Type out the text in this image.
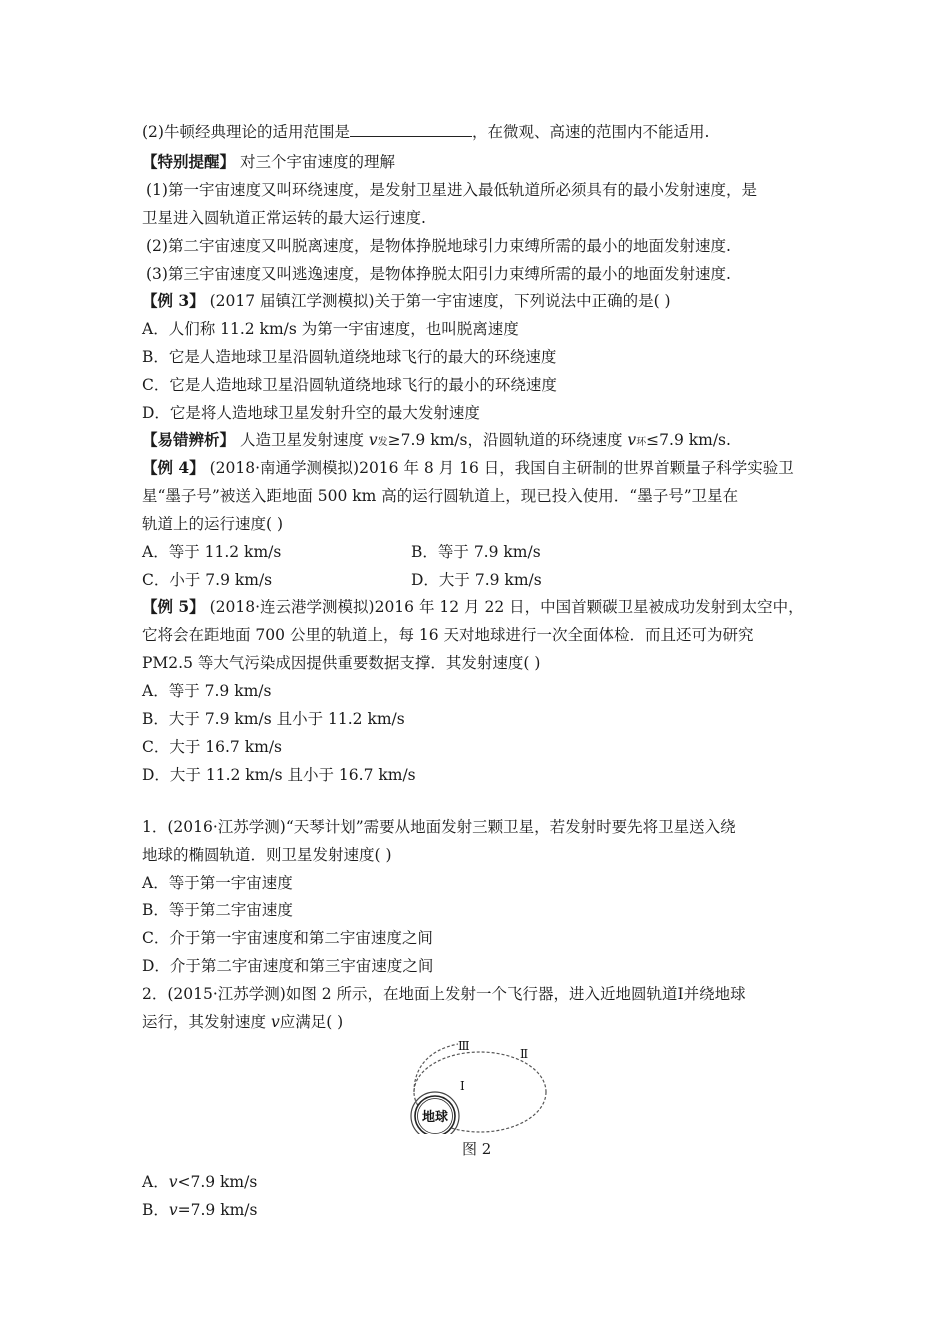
(2)牛顿经典理论的适用范围是	，在微观、高速的范围内不能适用.
【特别提醒】 对三个宇宙速度的理解
(1)第一宇宙速度又叫环绕速度，是发射卫星进入最低轨道所必须具有的最小发射速度，是
卫星进入圆轨道正常运转的最大运行速度.
(2)第二宇宙速度又叫脱离速度，是物体挣脱地球引力束缚所需的最小的地面发射速度.
(3)第三宇宙速度又叫逃逸速度，是物体挣脱太阳引力束缚所需的最小的地面发射速度.
【例 3】 (2017 届镇江学测模拟)关于第一宇宙速度，下列说法中正确的是( )
A．人们称 11.2 km/s 为第一宇宙速度，也叫脱离速度
B．它是人造地球卫星沿圆轨道绕地球飞行的最大的环绕速度
C．它是人造地球卫星沿圆轨道绕地球飞行的最小的环绕速度
D．它是将人造地球卫星发射升空的最大发射速度
【易错辨析】 人造卫星发射速度 v发≥7.9 km/s，沿圆轨道的环绕速度 v环≤7.9 km/s.
【例 4】 (2018·南通学测模拟)2016 年 8 月 16 日，我国自主研制的世界首颗量子科学实验卫
星“墨子号”被送入距地面 500 km 高的运行圆轨道上，现已投入使用．“墨子号”卫星在
轨道上的运行速度( )
A．等于 11.2 km/s	B．等于 7.9 km/s
C．小于 7.9 km/s	D．大于 7.9 km/s
【例 5】 (2018·连云港学测模拟)2016 年 12 月 22 日，中国首颗碳卫星被成功发射到太空中，
它将会在距地面 700 公里的轨道上，每 16 天对地球进行一次全面体检．而且还可为研究
PM2.5 等大气污染成因提供重要数据支撑．其发射速度( )
A．等于 7.9 km/s
B．大于 7.9 km/s 且小于 11.2 km/s
C．大于 16.7 km/s
D．大于 11.2 km/s 且小于 16.7 km/s
1．(2016·江苏学测)“天琴计划”需要从地面发射三颗卫星，若发射时要先将卫星送入绕
地球的椭圆轨道．则卫星发射速度( )
A．等于第一宇宙速度
B．等于第二宇宙速度
C．介于第一宇宙速度和第二宇宙速度之间
D．介于第二宇宙速度和第三宇宙速度之间
2．(2015·江苏学测)如图 2 所示，在地面上发射一个飞行器，进入近地圆轨道Ⅰ并绕地球
运行，其发射速度 v应满足( )
地球
Ⅰ
Ⅱ
Ⅲ
图 2
A．v<7.9 km/s
B．v=7.9 km/s
